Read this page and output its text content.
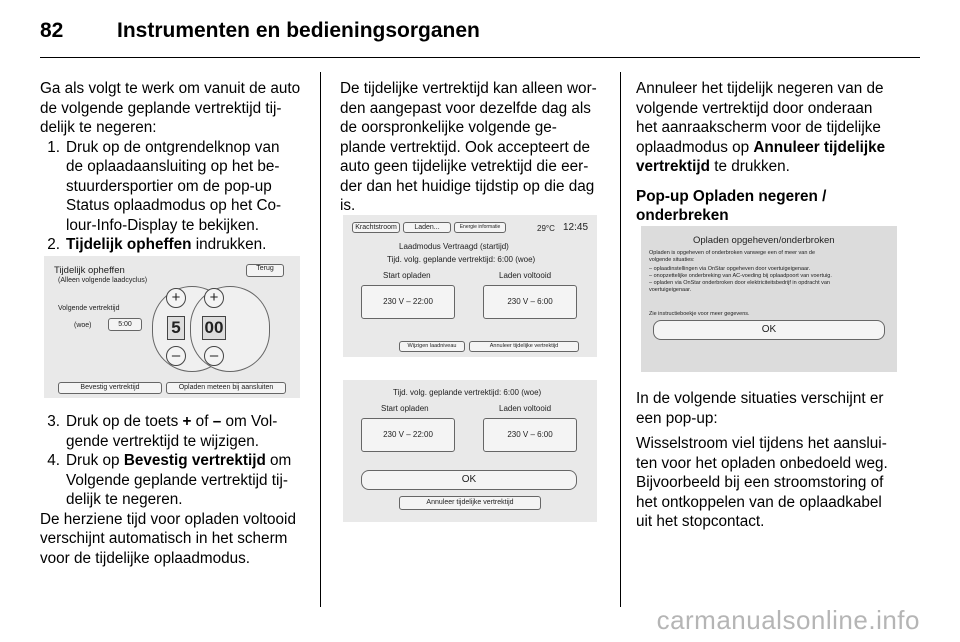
82	Instrumenten en bedieningsorganen

Ga als volgt te werk om vanuit de auto

de volgende geplande vertrektijd tij-

delijk te negeren:

1. Druk op de ontgrendelknop van

de oplaadaansluiting op het be-

stuurdersportier om de pop-up

Status oplaadmodus op het Co-

lour-Info-Display te bekijken.

2. Tijdelijk opheffen indrukken.

Tijdelijk opheffen
(Alleen volgende laadcyclus)
Terug
Volgende vertrektijd
(woe)	5:00
+
5
–
+
00
–
Bevestig vertrektijd	Opladen meteen bij aansluiten
3. Druk op de toets + of – om Vol-

gende vertrektijd te wijzigen.

4. Druk op Bevestig vertrektijd om

Volgende geplande vertrektijd tij-

delijk te negeren.

De herziene tijd voor opladen voltooid

verschijnt automatisch in het scherm

voor de tijdelijke oplaadmodus.

De tijdelijke vertrektijd kan alleen wor-

den aangepast voor dezelfde dag als

de oorspronkelijke volgende ge-

plande vertrektijd. Ook accepteert de

auto geen tijdelijke vetrektijd die eer-

der dan het huidige tijdstip op die dag

is.

Krachtstroom	Laden...	Energie informatie	29°C 12:45
Laadmodus Vertraagd (startijd)
Tijd. volg. geplande vertrektijd: 6:00 (woe)
Start opladen	Laden voltooid
230 V – 22:00	230 V – 6:00
Wijzigen laadniveau	Annuleer tijdelijke vertrektijd
Tijd. volg. geplande vertrektijd: 6:00 (woe)
Start opladen	Laden voltooid
230 V – 22:00	230 V – 6:00
OK
Annuleer tijdelijke vertrektijd

Annuleer het tijdelijk negeren van de

volgende vertrektijd door onderaan

het aanraakscherm voor de tijdelijke

oplaadmodus op Annuleer tijdelijke

vertrektijd te drukken.

Pop-up Opladen negeren /

onderbreken

Opladen opgeheven/onderbroken
Opladen is opgeheven of onderbroken vanwege een of meer van de
volgende situaties:
– oplaadinstellingen via OnStar opgeheven door voertuigeigenaar.
– onopzettelijke onderbreking van AC-voeding bij oplaadpoort van voertuig.
– opladen via OnStar onderbroken door elektriciteitsbedrijf in opdracht van
voertuigeigenaar.
Zie instructieboekje voor meer gegevens.
OK

In de volgende situaties verschijnt er

een pop-up:

Wisselstroom viel tijdens het aanslui-

ten voor het opladen onbedoeld weg.

Bijvoorbeeld bij een stroomstoring of

het ontkoppelen van de oplaadkabel

uit het stopcontact.

carmanualsonline.info
